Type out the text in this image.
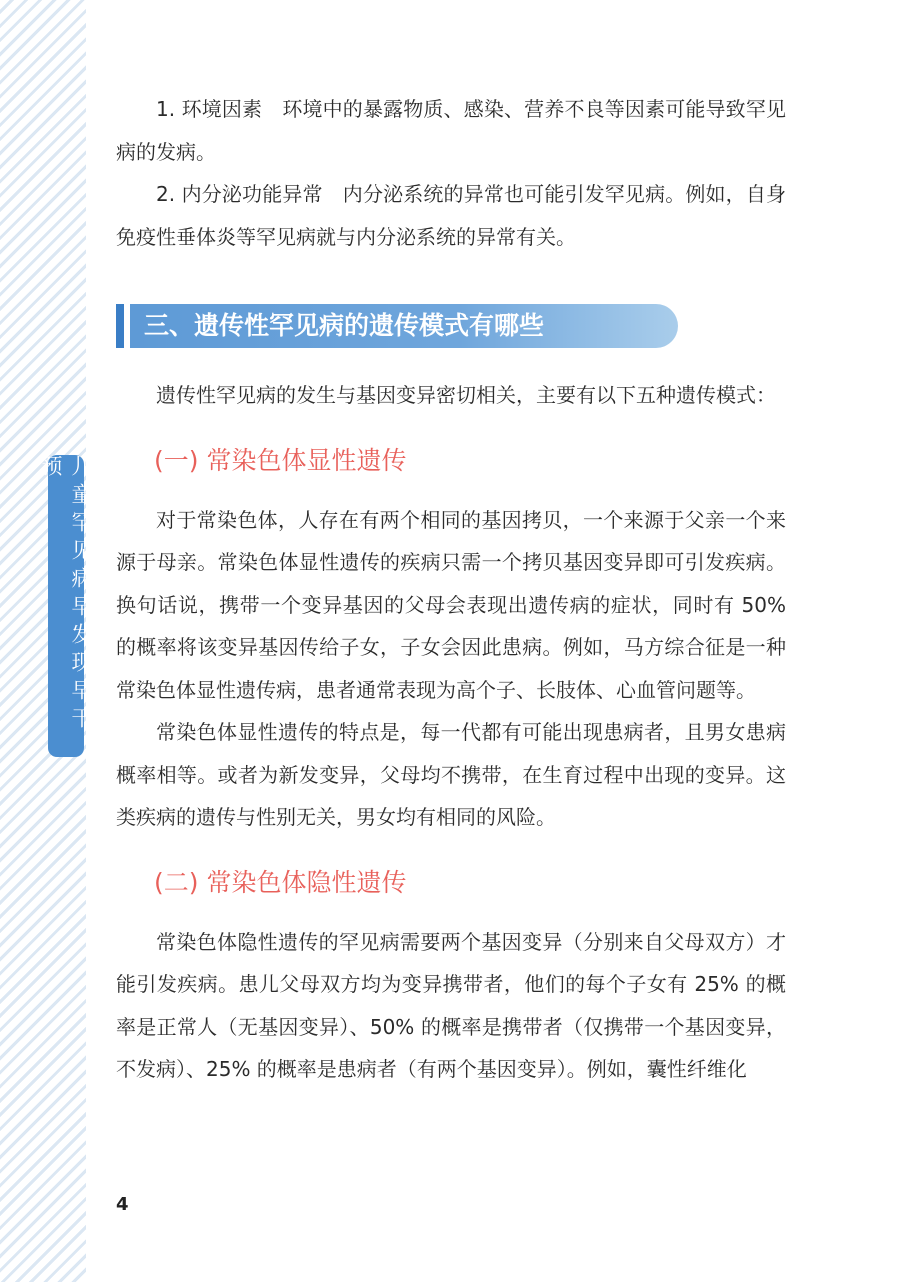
儿童罕见病早发现早干预

1. 环境因素　环境中的暴露物质、感染、营养不良等因素可能导致罕见病的发病。

2. 内分泌功能异常　内分泌系统的异常也可能引发罕见病。例如，自身免疫性垂体炎等罕见病就与内分泌系统的异常有关。

三、遗传性罕见病的遗传模式有哪些

遗传性罕见病的发生与基因变异密切相关，主要有以下五种遗传模式：

(一) 常染色体显性遗传

对于常染色体，人存在有两个相同的基因拷贝，一个来源于父亲一个来源于母亲。常染色体显性遗传的疾病只需一个拷贝基因变异即可引发疾病。换句话说，携带一个变异基因的父母会表现出遗传病的症状，同时有 50% 的概率将该变异基因传给子女，子女会因此患病。例如，马方综合征是一种常染色体显性遗传病，患者通常表现为高个子、长肢体、心血管问题等。

常染色体显性遗传的特点是，每一代都有可能出现患病者，且男女患病概率相等。或者为新发变异，父母均不携带，在生育过程中出现的变异。这类疾病的遗传与性别无关，男女均有相同的风险。

(二) 常染色体隐性遗传

常染色体隐性遗传的罕见病需要两个基因变异（分别来自父母双方）才能引发疾病。患儿父母双方均为变异携带者，他们的每个子女有 25% 的概率是正常人（无基因变异）、50% 的概率是携带者（仅携带一个基因变异，不发病）、25% 的概率是患病者（有两个基因变异）。例如，囊性纤维化

4
